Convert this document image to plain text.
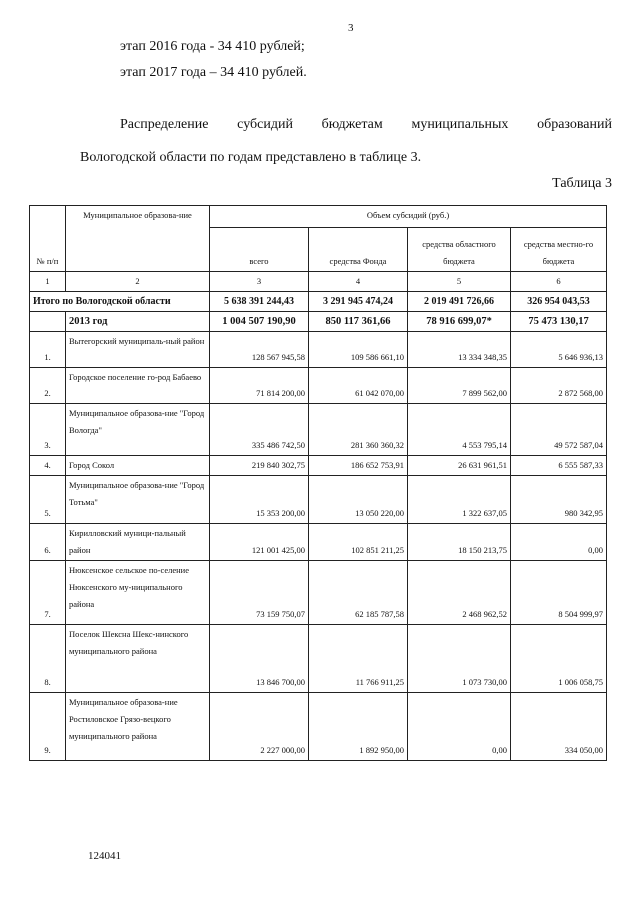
3
этап 2016 года - 34 410 рублей;
этап 2017 года – 34 410 рублей.
Распределение субсидий бюджетам муниципальных образований
Вологодской области по годам представлено в таблице 3.
Таблица 3
№ п/п	Муниципальное образова-ние	Объем субсидий (руб.)			
		всего	средства Фонда	средства областного бюджета	средства местно-го бюджета
1	2	3	4	5	6
Итого по Вологодской области		5 638 391 244,43	3 291 945 474,24	2 019 491 726,66	326 954 043,53
	2013 год	1 004 507 190,90	850 117 361,66	78 916 699,07*	75 473 130,17
1.	Вытегорский муниципаль-ный район	128 567 945,58	109 586 661,10	13 334 348,35	5 646 936,13
2.	Городское поселение го-род Бабаево	71 814 200,00	61 042 070,00	7 899 562,00	2 872 568,00
3.	Муниципальное образова-ние "Город Вологда"	335 486 742,50	281 360 360,32	4 553 795,14	49 572 587,04
4.	Город Сокол	219 840 302,75	186 652 753,91	26 631 961,51	6 555 587,33
5.	Муниципальное образова-ние "Город Тотьма"	15 353 200,00	13 050 220,00	1 322 637,05	980 342,95
6.	Кирилловский муници-пальный район	121 001 425,00	102 851 211,25	18 150 213,75	0,00
7.	Нюксенское сельское по-селение Нюксенского му-ниципального района	73 159 750,07	62 185 787,58	2 468 962,52	8 504 999,97
8.	Поселок Шексна Шекс-нинского муниципального района	13 846 700,00	11 766 911,25	1 073 730,00	1 006 058,75
9.	Муниципальное образова-ние Ростиловское Грязо-вецкого муниципального района	2 227 000,00	1 892 950,00	0,00	334 050,00
124041
